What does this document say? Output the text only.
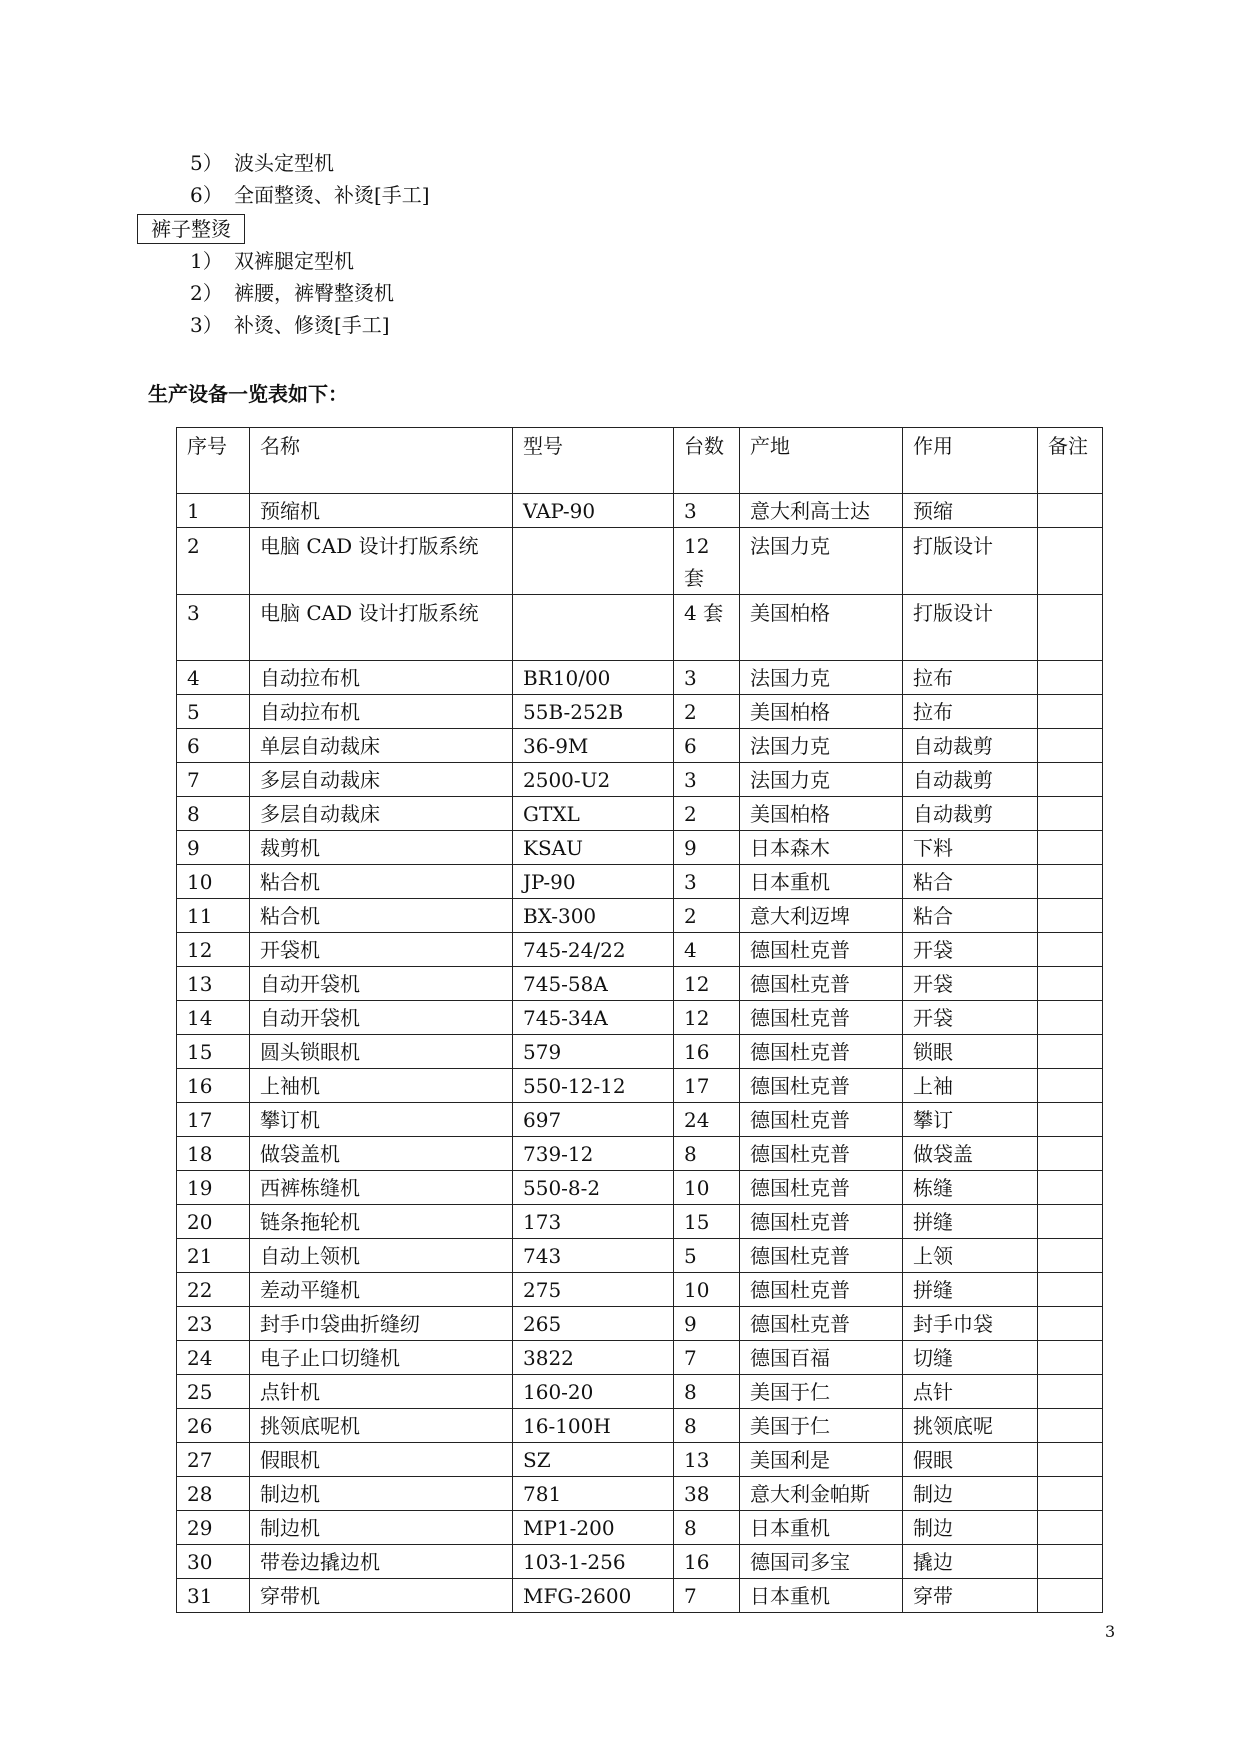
5） 波头定型机
6） 全面整烫、补烫[手工]
裤子整烫
1） 双裤腿定型机
2） 裤腰，裤臀整烫机
3） 补烫、修烫[手工]
生产设备一览表如下：
序号	名称	型号	台数	产地	作用	备注
1	预缩机	VAP-90	3	意大利高士达	预缩	
2	电脑 CAD 设计打版系统		12 套	法国力克	打版设计	
3	电脑 CAD 设计打版系统		4 套	美国柏格	打版设计	
4	自动拉布机	BR10/00	3	法国力克	拉布	
5	自动拉布机	55B-252B	2	美国柏格	拉布	
6	单层自动裁床	36-9M	6	法国力克	自动裁剪	
7	多层自动裁床	2500-U2	3	法国力克	自动裁剪	
8	多层自动裁床	GTXL	2	美国柏格	自动裁剪	
9	裁剪机	KSAU	9	日本森木	下料	
10	粘合机	JP-90	3	日本重机	粘合	
11	粘合机	BX-300	2	意大利迈埤	粘合	
12	开袋机	745-24/22	4	德国杜克普	开袋	
13	自动开袋机	745-58A	12	德国杜克普	开袋	
14	自动开袋机	745-34A	12	德国杜克普	开袋	
15	圆头锁眼机	579	16	德国杜克普	锁眼	
16	上袖机	550-12-12	17	德国杜克普	上袖	
17	攀订机	697	24	德国杜克普	攀订	
18	做袋盖机	739-12	8	德国杜克普	做袋盖	
19	西裤栋缝机	550-8-2	10	德国杜克普	栋缝	
20	链条拖轮机	173	15	德国杜克普	拼缝	
21	自动上领机	743	5	德国杜克普	上领	
22	差动平缝机	275	10	德国杜克普	拼缝	
23	封手巾袋曲折缝纫	265	9	德国杜克普	封手巾袋	
24	电子止口切缝机	3822	7	德国百福	切缝	
25	点针机	160-20	8	美国于仁	点针	
26	挑领底呢机	16-100H	8	美国于仁	挑领底呢	
27	假眼机	SZ	13	美国利是	假眼	
28	制边机	781	38	意大利金帕斯	制边	
29	制边机	MP1-200	8	日本重机	制边	
30	带卷边撬边机	103-1-256	16	德国司多宝	撬边	
31	穿带机	MFG-2600	7	日本重机	穿带	
3
